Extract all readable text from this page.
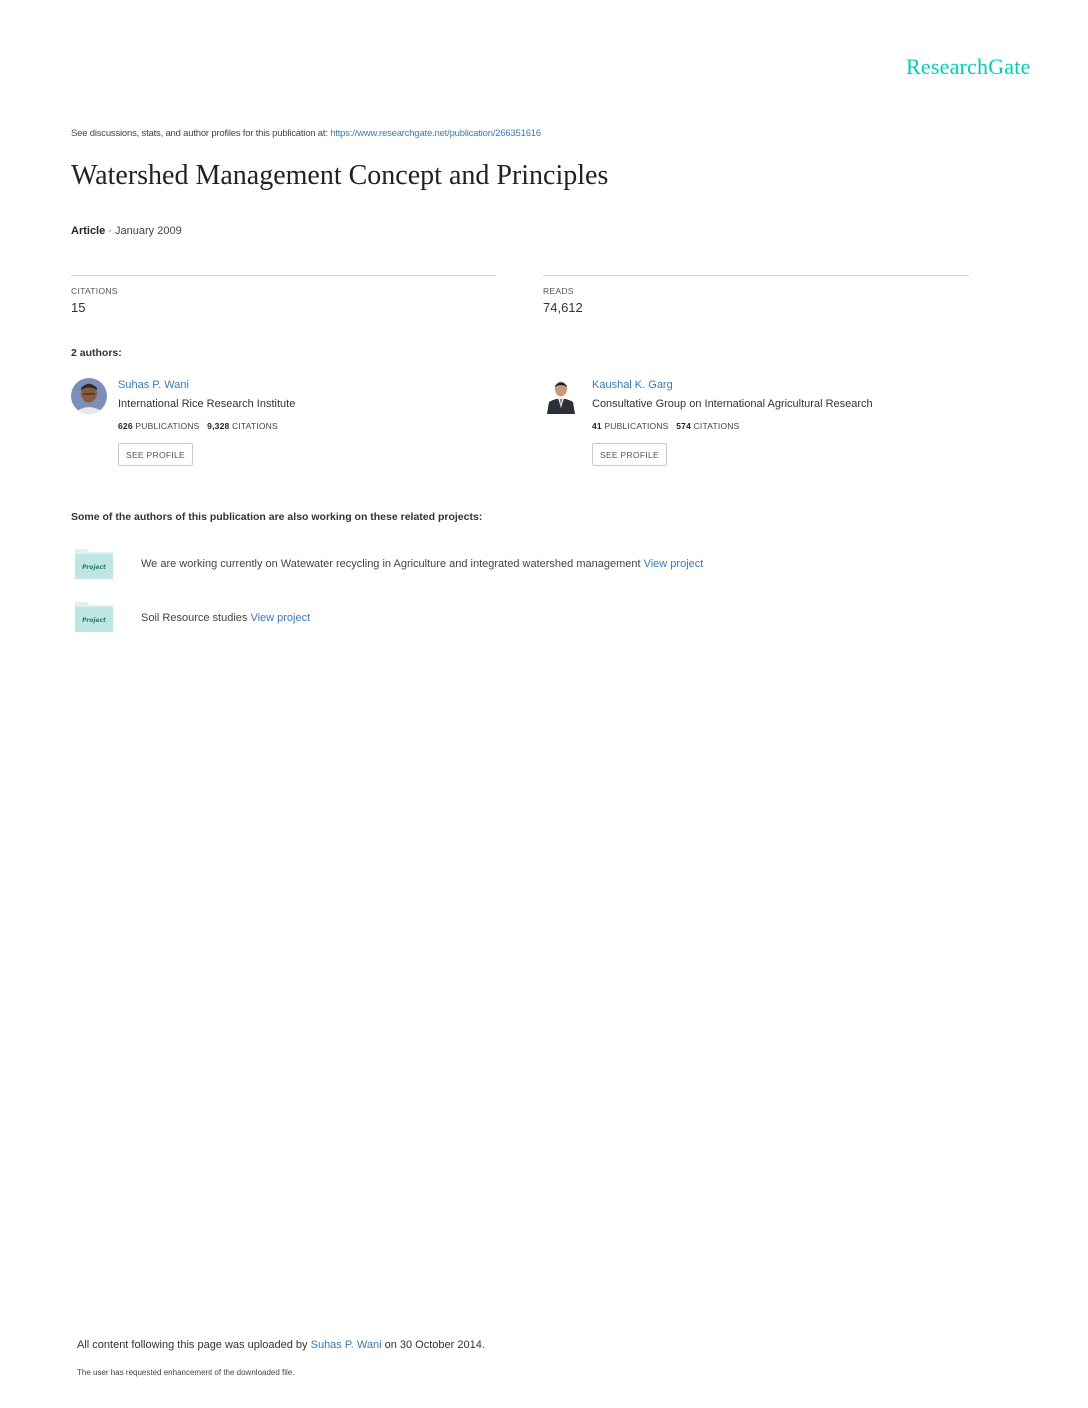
ResearchGate
See discussions, stats, and author profiles for this publication at: https://www.researchgate.net/publication/266351616
Watershed Management Concept and Principles
Article · January 2009
CITATIONS
15
READS
74,612
2 authors:
Suhas P. Wani
International Rice Research Institute
626 PUBLICATIONS 9,328 CITATIONS
SEE PROFILE
Kaushal K. Garg
Consultative Group on International Agricultural Research
41 PUBLICATIONS 574 CITATIONS
SEE PROFILE
Some of the authors of this publication are also working on these related projects:
Project	We are working currently on Watewater recycling in Agriculture and integrated watershed management View project
Project	Soil Resource studies View project
All content following this page was uploaded by Suhas P. Wani on 30 October 2014.
The user has requested enhancement of the downloaded file.
